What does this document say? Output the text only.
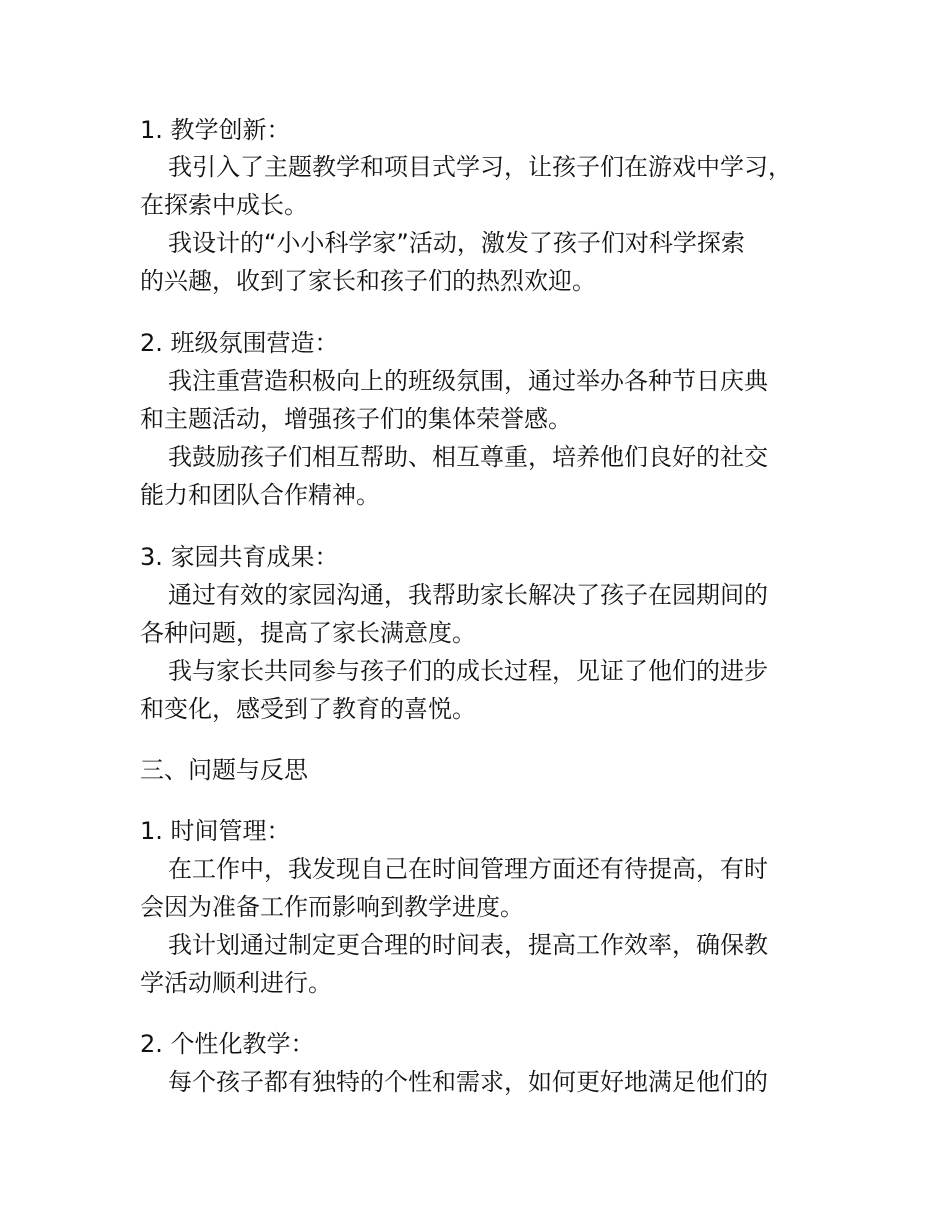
1. 教学创新：
我引入了主题教学和项目式学习，让孩子们在游戏中学习，
在探索中成长。
我设计的“小小科学家”活动，激发了孩子们对科学探索
的兴趣，收到了家长和孩子们的热烈欢迎。
2. 班级氛围营造：
我注重营造积极向上的班级氛围，通过举办各种节日庆典
和主题活动，增强孩子们的集体荣誉感。
我鼓励孩子们相互帮助、相互尊重，培养他们良好的社交
能力和团队合作精神。
3. 家园共育成果：
通过有效的家园沟通，我帮助家长解决了孩子在园期间的
各种问题，提高了家长满意度。
我与家长共同参与孩子们的成长过程，见证了他们的进步
和变化，感受到了教育的喜悦。
三、问题与反思
1. 时间管理：
在工作中，我发现自己在时间管理方面还有待提高，有时
会因为准备工作而影响到教学进度。
我计划通过制定更合理的时间表，提高工作效率，确保教
学活动顺利进行。
2. 个性化教学：
每个孩子都有独特的个性和需求，如何更好地满足他们的
